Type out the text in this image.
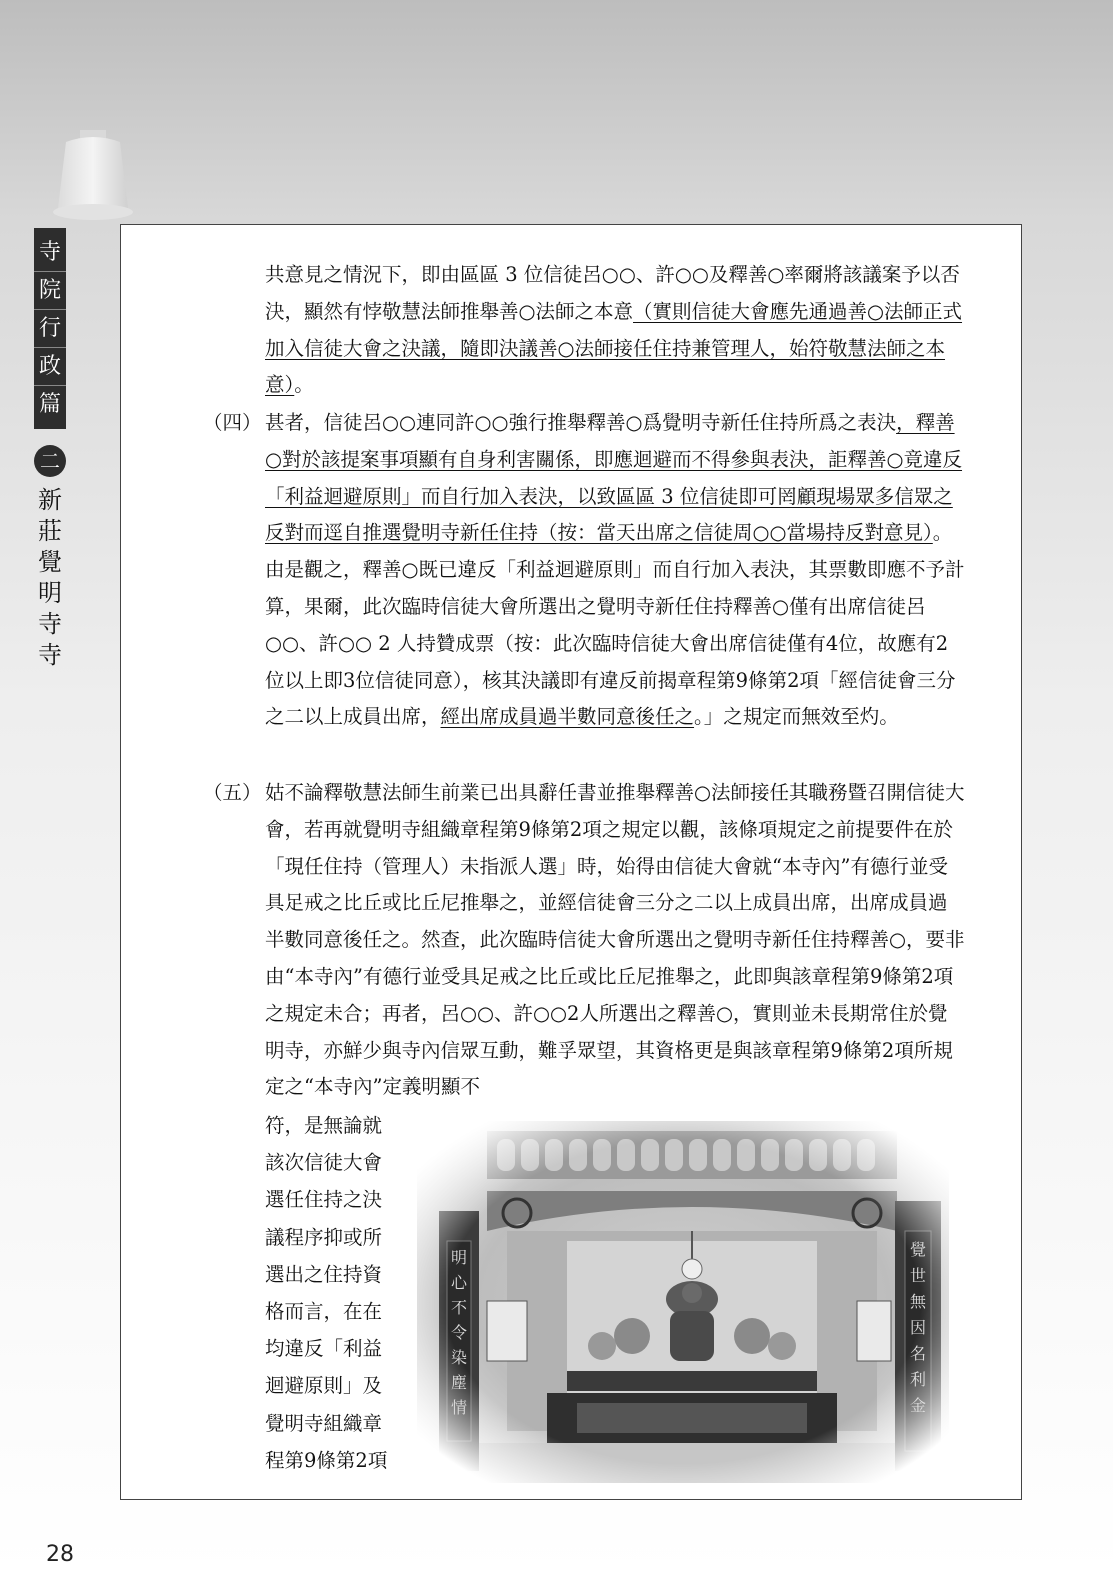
寺
院
行
政
篇
二
新
莊
覺
明
寺
寺

共意見之情況下，即由區區 3 位信徒呂○○、許○○及釋善○率爾將該議案予以否決，顯然有悖敬慧法師推舉善○法師之本意（實則信徒大會應先通過善○法師正式加入信徒大會之決議，隨即決議善○法師接任住持兼管理人，始符敬慧法師之本意）。

（四） 甚者，信徒呂○○連同許○○強行推舉釋善○爲覺明寺新任住持所爲之表決，釋善○對於該提案事項顯有自身利害關係，即應迴避而不得參與表決，詎釋善○竟違反「利益迴避原則」而自行加入表決，以致區區 3 位信徒即可罔顧現場眾多信眾之反對而逕自推選覺明寺新任住持（按：當天出席之信徒周○○當場持反對意見）。由是觀之，釋善○既已違反「利益迴避原則」而自行加入表決，其票數即應不予計算，果爾，此次臨時信徒大會所選出之覺明寺新任住持釋善○僅有出席信徒呂○○、許○○ 2 人持贊成票（按：此次臨時信徒大會出席信徒僅有4位，故應有2位以上即3位信徒同意），核其決議即有違反前揭章程第9條第2項「經信徒會三分之二以上成員出席，經出席成員過半數同意後任之。」之規定而無效至灼。

（五） 姑不論釋敬慧法師生前業已出具辭任書並推舉釋善○法師接任其職務暨召開信徒大會，若再就覺明寺組織章程第9條第2項之規定以觀，該條項規定之前提要件在於「現任住持（管理人）未指派人選」時，始得由信徒大會就“本寺內”有德行並受具足戒之比丘或比丘尼推舉之，並經信徒會三分之二以上成員出席，出席成員過半數同意後任之。然查，此次臨時信徒大會所選出之覺明寺新任住持釋善○，要非由“本寺內”有德行並受具足戒之比丘或比丘尼推舉之，此即與該章程第9條第2項之規定未合；再者，呂○○、許○○2人所選出之釋善○，實則並未長期常住於覺明寺，亦鮮少與寺內信眾互動，難孚眾望，其資格更是與該章程第9條第2項所規定之“本寺內”定義明顯不

符，是無論就
該次信徒大會
選任住持之決
議程序抑或所
選出之住持資
格而言，在在
均違反「利益
迴避原則」及
覺明寺組織章
程第9條第2項
明心不令染塵情
覺世無因名利金
28
